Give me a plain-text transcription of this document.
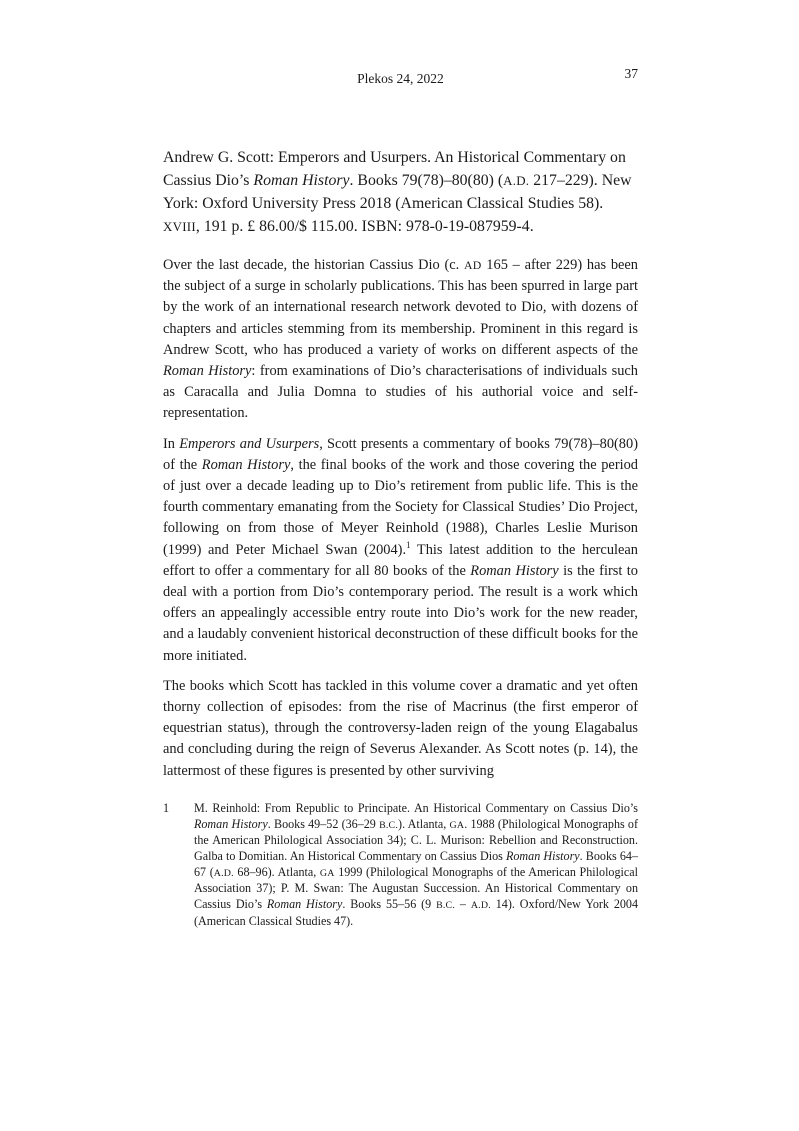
Plekos 24, 2022	37
Andrew G. Scott: Emperors and Usurpers. An Historical Commentary on Cassius Dio’s Roman History. Books 79(78)–80(80) (A.D. 217–229). New York: Oxford University Press 2018 (American Classical Studies 58). XVIII, 191 p. £ 86.00/$ 115.00. ISBN: 978-0-19-087959-4.

Over the last decade, the historian Cassius Dio (c. AD 165 – after 229) has been the subject of a surge in scholarly publications. This has been spurred in large part by the work of an international research network devoted to Dio, with dozens of chapters and articles stemming from its membership. Prominent in this regard is Andrew Scott, who has produced a variety of works on different aspects of the Roman History: from examinations of Dio’s characterisations of individuals such as Caracalla and Julia Domna to studies of his authorial voice and self-representation.

In Emperors and Usurpers, Scott presents a commentary of books 79(78)–80(80) of the Roman History, the final books of the work and those covering the period of just over a decade leading up to Dio’s retirement from public life. This is the fourth commentary emanating from the Society for Classical Studies’ Dio Project, following on from those of Meyer Reinhold (1988), Charles Leslie Murison (1999) and Peter Michael Swan (2004).$^1$ This latest addition to the herculean effort to offer a commentary for all 80 books of the Roman History is the first to deal with a portion from Dio’s contemporary period. The result is a work which offers an appealingly accessible entry route into Dio’s work for the new reader, and a laudably convenient historical deconstruction of these difficult books for the more initiated.

The books which Scott has tackled in this volume cover a dramatic and yet often thorny collection of episodes: from the rise of Macrinus (the first emperor of equestrian status), through the controversy-laden reign of the young Elagabalus and concluding during the reign of Severus Alexander. As Scott notes (p. 14), the lattermost of these figures is presented by other surviving

1	M. Reinhold: From Republic to Principate. An Historical Commentary on Cassius Dio’s Roman History. Books 49–52 (36–29 B.C.). Atlanta, GA. 1988 (Philological Monographs of the American Philological Association 34); C. L. Murison: Rebellion and Reconstruction. Galba to Domitian. An Historical Commentary on Cassius Dios Roman History. Books 64–67 (A.D. 68–96). Atlanta, GA 1999 (Philological Monographs of the American Philological Association 37); P. M. Swan: The Augustan Succession. An Historical Commentary on Cassius Dio’s Roman History. Books 55–56 (9 B.C. – A.D. 14). Oxford/New York 2004 (American Classical Studies 47).
